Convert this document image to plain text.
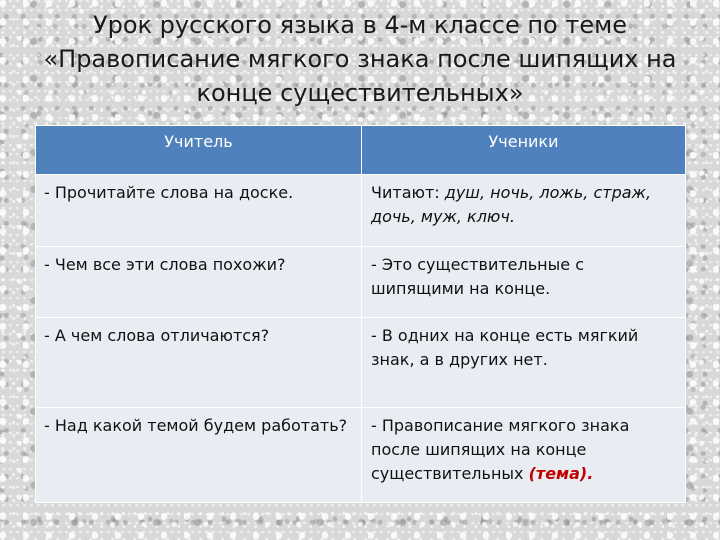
Урок русского языка в 4-м классе по теме
«Правописание мягкого знака после шипящих на
конце существительных»
Учитель	Ученики
- Прочитайте слова на доске.	Читают: душ, ночь, ложь, страж, дочь, муж, ключ.
- Чем все эти слова похожи?	- Это существительные с шипящими на конце.
- А чем слова отличаются?	- В одних на конце есть мягкий знак, а в других нет.
- Над какой темой будем работать?	- Правописание мягкого знака после шипящих на конце существительных (тема).
